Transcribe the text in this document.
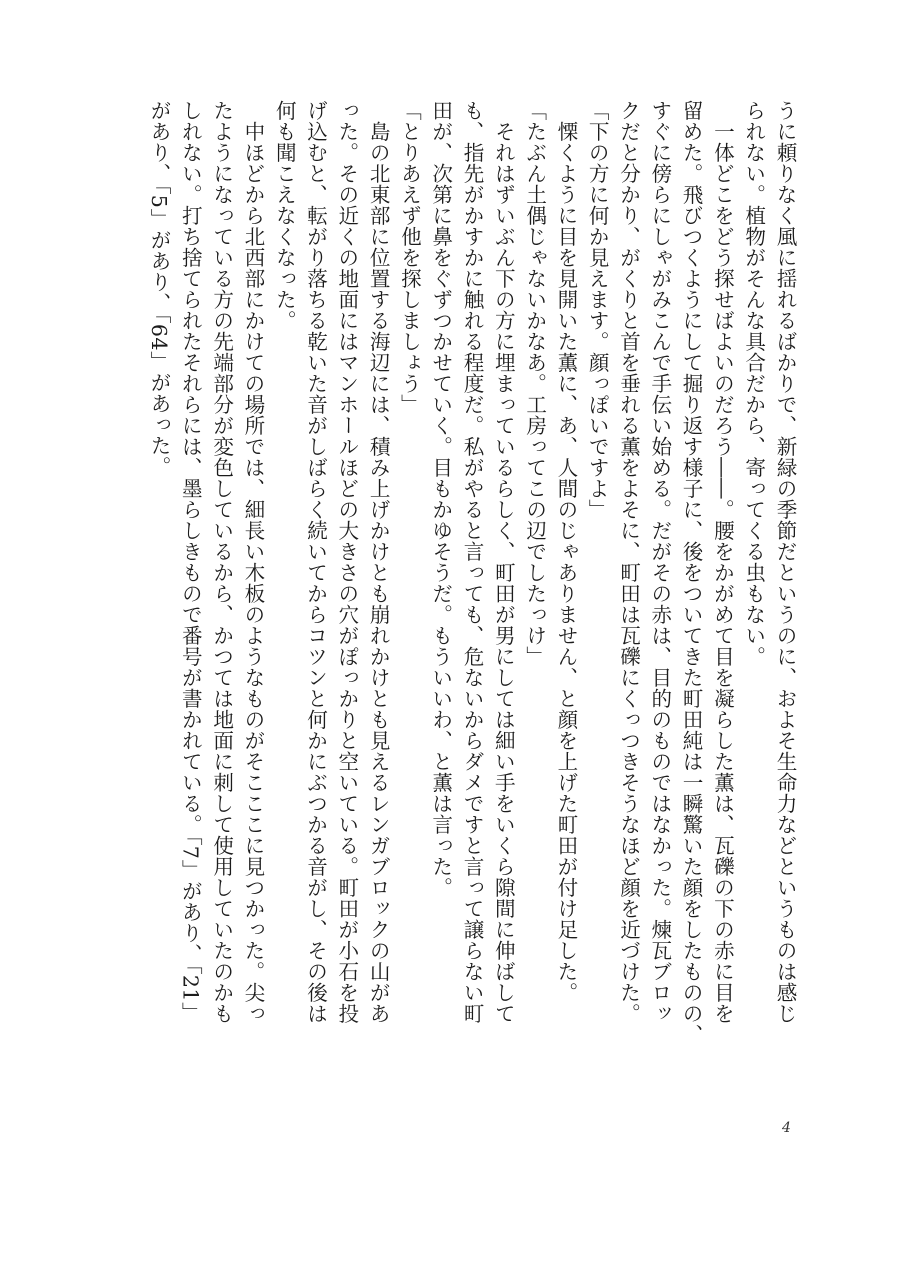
うに頼りなく風に揺れるばかりで、新緑の季節だというのに、およそ生命力などというものは感じ
られない。植物がそんな具合だから、寄ってくる虫もない。
　一体どこをどう探せばよいのだろう――。腰をかがめて目を凝らした薫は、瓦礫の下の赤に目を
留めた。飛びつくようにして掘り返す様子に、後をついてきた町田純は一瞬驚いた顔をしたものの、
すぐに傍らにしゃがみこんで手伝い始める。だがその赤は、目的のものではなかった。煉瓦ブロッ
クだと分かり、がくりと首を垂れる薫をよそに、町田は瓦礫にくっつきそうなほど顔を近づけた。
「下の方に何か見えます。顔っぽいですよ」
　慄くように目を見開いた薫に、あ、人間のじゃありません、と顔を上げた町田が付け足した。
「たぶん土偶じゃないかなあ。工房ってこの辺でしたっけ」
　それはずいぶん下の方に埋まっているらしく、町田が男にしては細い手をいくら隙間に伸ばして
も、指先がかすかに触れる程度だ。私がやると言っても、危ないからダメですと言って譲らない町
田が、次第に鼻をぐずつかせていく。目もかゆそうだ。もういいわ、と薫は言った。
「とりあえず他を探しましょう」
　島の北東部に位置する海辺には、積み上げかけとも崩れかけとも見えるレンガブロックの山があ
った。その近くの地面にはマンホールほどの大きさの穴がぽっかりと空いている。町田が小石を投
げ込むと、転がり落ちる乾いた音がしばらく続いてからコツンと何かにぶつかる音がし、その後は
何も聞こえなくなった。
　中ほどから北西部にかけての場所では、細長い木板のようなものがそこここに見つかった。尖っ
たようになっている方の先端部分が変色しているから、かつては地面に刺して使用していたのかも
しれない。打ち捨てられたそれらには、墨らしきもので番号が書かれている。「7」があり、「21」
があり、「5」があり、「64」があった。
4
